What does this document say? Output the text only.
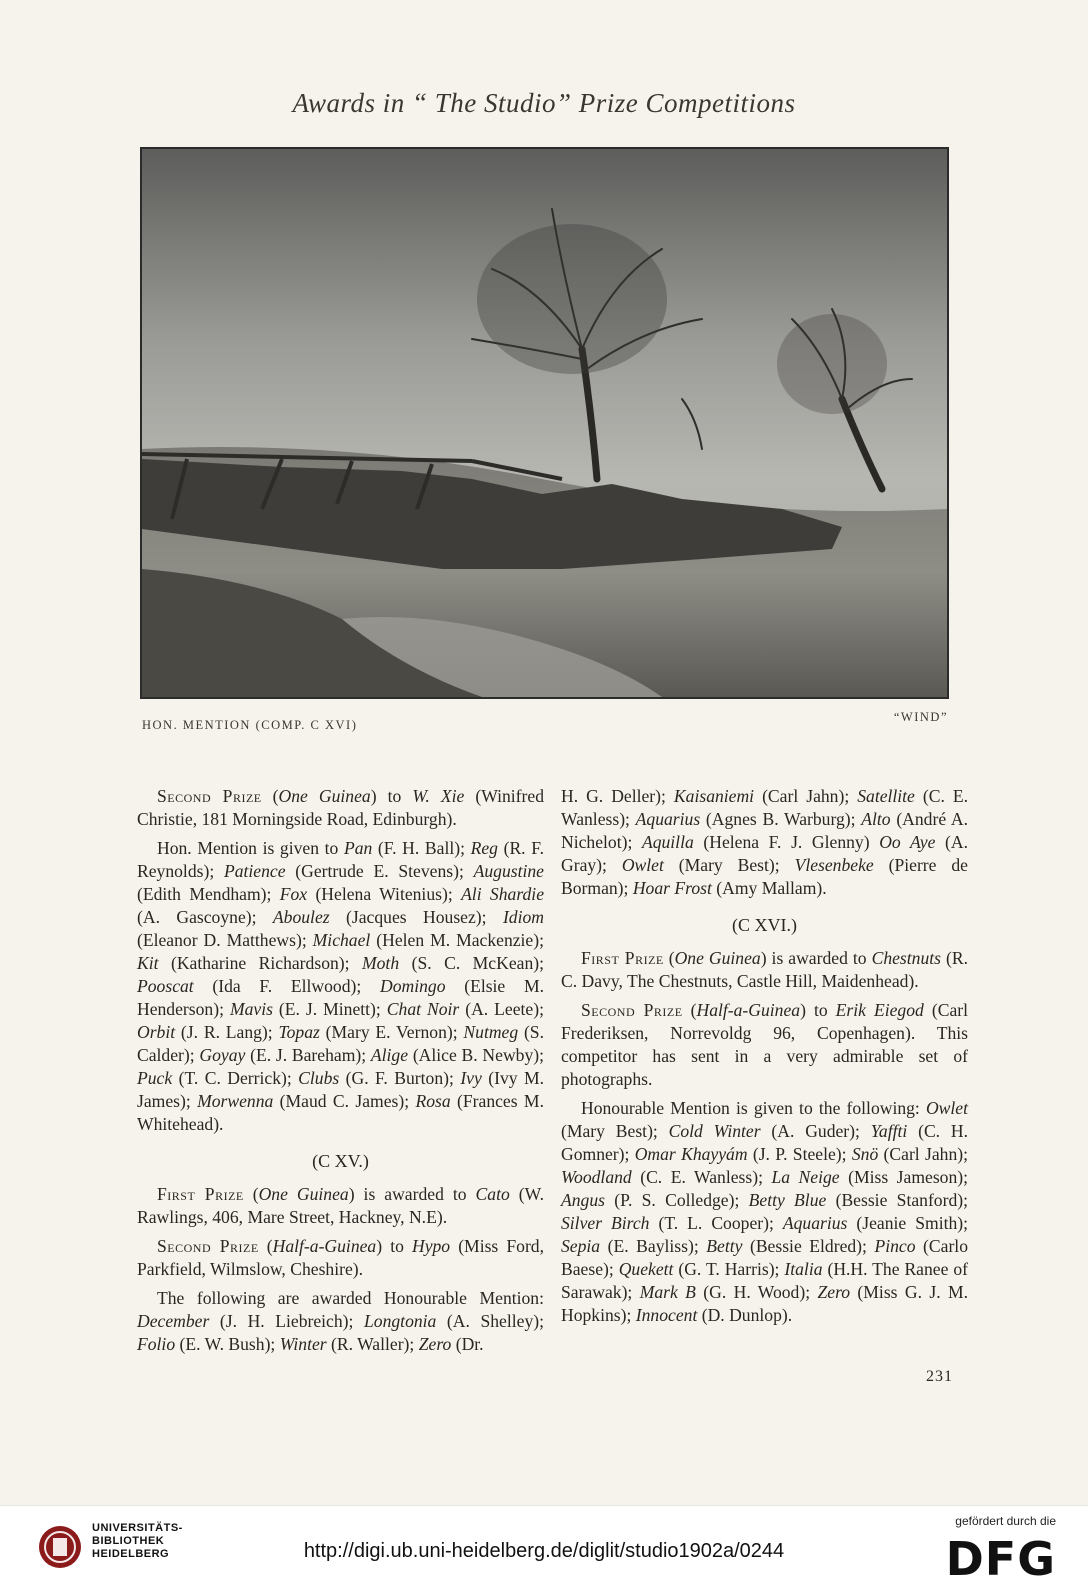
Awards in “ The Studio” Prize Competitions
HON. MENTION (COMP. C XVI)
“WIND”

Second Prize (One Guinea) to W. Xie (Winifred Christie, 181 Morningside Road, Edinburgh).

Hon. Mention is given to Pan (F. H. Ball); Reg (R. F. Reynolds); Patience (Gertrude E. Stevens); Augustine (Edith Mendham); Fox (Helena Witenius); Ali Shardie (A. Gascoyne); Aboulez (Jacques Housez); Idiom (Eleanor D. Matthews); Michael (Helen M. Mackenzie); Kit (Katharine Richardson); Moth (S. C. McKean); Pooscat (Ida F. Ellwood); Domingo (Elsie M. Henderson); Mavis (E. J. Minett); Chat Noir (A. Leete); Orbit (J. R. Lang); Topaz (Mary E. Vernon); Nutmeg (S. Calder); Goyay (E. J. Bareham); Alige (Alice B. Newby); Puck (T. C. Derrick); Clubs (G. F. Burton); Ivy (Ivy M. James); Morwenna (Maud C. James); Rosa (Frances M. Whitehead).

(C XV.)

First Prize (One Guinea) is awarded to Cato (W. Rawlings, 406, Mare Street, Hackney, N.E).

Second Prize (Half-a-Guinea) to Hypo (Miss Ford, Parkfield, Wilmslow, Cheshire).

The following are awarded Honourable Mention: December (J. H. Liebreich); Longtonia (A. Shelley); Folio (E. W. Bush); Winter (R. Waller); Zero (Dr.

H. G. Deller); Kaisaniemi (Carl Jahn); Satellite (C. E. Wanless); Aquarius (Agnes B. Warburg); Alto (André A. Nichelot); Aquilla (Helena F. J. Glenny) Oo Aye (A. Gray); Owlet (Mary Best); Vlesenbeke (Pierre de Borman); Hoar Frost (Amy Mallam).

(C XVI.)

First Prize (One Guinea) is awarded to Chestnuts (R. C. Davy, The Chestnuts, Castle Hill, Maidenhead).

Second Prize (Half-a-Guinea) to Erik Eiegod (Carl Frederiksen, Norrevoldg 96, Copenhagen). This competitor has sent in a very admirable set of photographs.

Honourable Mention is given to the following: Owlet (Mary Best); Cold Winter (A. Guder); Yaffti (C. H. Gomner); Omar Khayyám (J. P. Steele); Snö (Carl Jahn); Woodland (C. E. Wanless); La Neige (Miss Jameson); Angus (P. S. Colledge); Betty Blue (Bessie Stanford); Silver Birch (T. L. Cooper); Aquarius (Jeanie Smith); Sepia (E. Bayliss); Betty (Bessie Eldred); Pinco (Carlo Baese); Quekett (G. T. Harris); Italia (H.H. The Ranee of Sarawak); Mark B (G. H. Wood); Zero (Miss G. J. M. Hopkins); Innocent (D. Dunlop).

231
UNIVERSITÄTS-
BIBLIOTHEK
HEIDELBERG	http://digi.ub.uni-heidelberg.de/diglit/studio1902a/0244
gefördert durch die
DFG
